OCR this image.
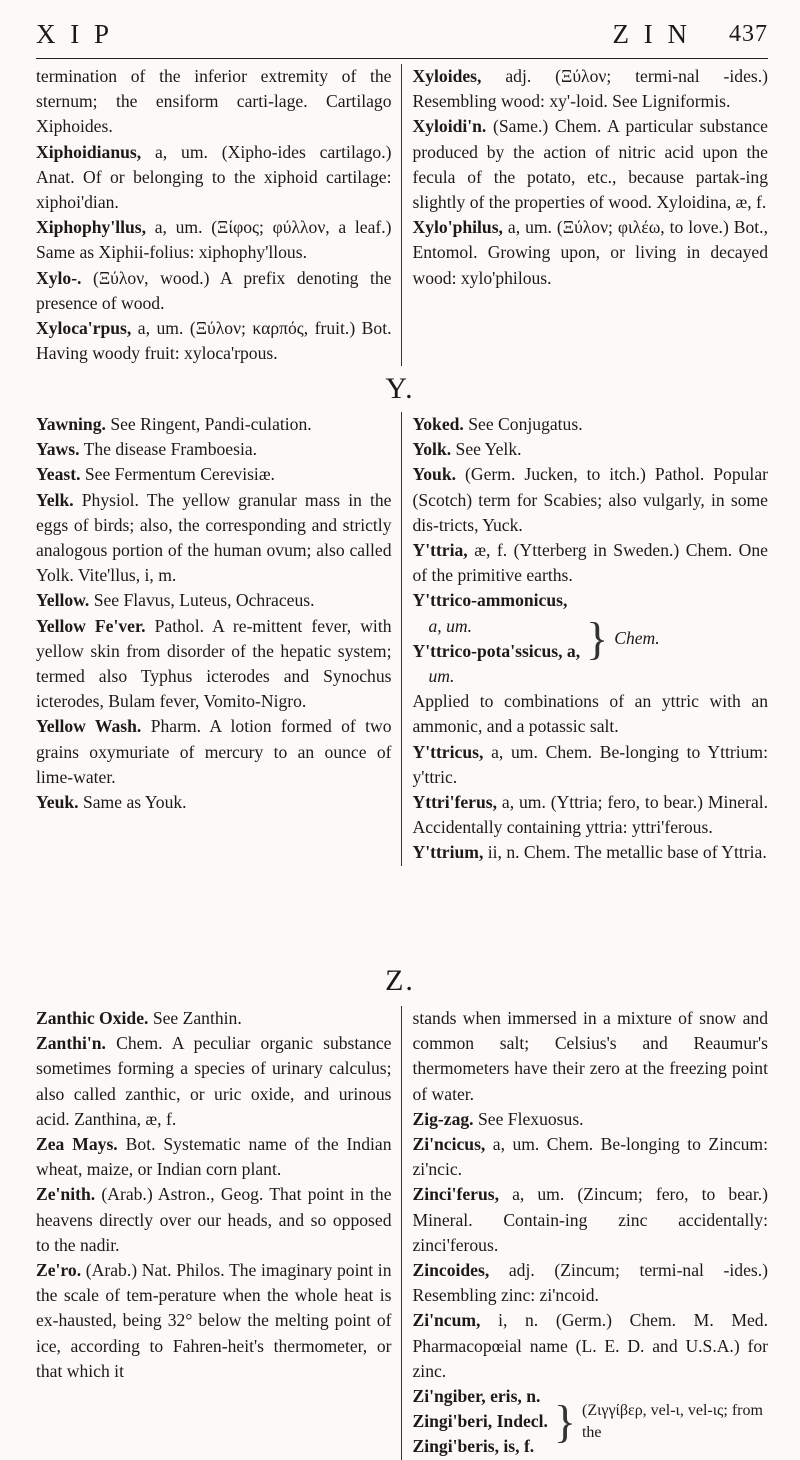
X I P	Z I N 437
termination of the inferior extremity of the sternum; the ensiform carti-lage. Cartilago Xiphoides.
Xiphoidianus, a, um. (Xipho-ides cartilago.) Anat. Of or belonging to the xiphoid cartilage: xiphoi'dian.
Xiphophy'llus, a, um. (Ξίφος; φύλλον, a leaf.) Same as Xiphii-folius: xiphophy'llous.
Xylo-. (Ξύλον, wood.) A prefix denoting the presence of wood.
Xyloca'rpus, a, um. (Ξύλον; καρπός, fruit.) Bot. Having woody fruit: xyloca'rpous.
Xyloides, adj. (Ξύλον; termi-nal -ides.) Resembling wood: xy'-loid. See Ligniformis.
Xyloidi'n. (Same.) Chem. A particular substance produced by the action of nitric acid upon the fecula of the potato, etc., because partak-ing slightly of the properties of wood. Xyloidina, æ, f.
Xylo'philus, a, um. (Ξύλον; φιλέω, to love.) Bot., Entomol. Growing upon, or living in decayed wood: xylo'philous.
Y.
Yawning. See Ringent, Pandi-culation.
Yaws. The disease Framboesia.
Yeast. See Fermentum Cerevisiæ.
Yelk. Physiol. The yellow granular mass in the eggs of birds; also, the corresponding and strictly analogous portion of the human ovum; also called Yolk. Vite'llus, i, m.
Yellow. See Flavus, Luteus, Ochraceus.
Yellow Fe'ver. Pathol. A re-mittent fever, with yellow skin from disorder of the hepatic system; termed also Typhus icterodes and Synochus icterodes, Bulam fever, Vomito-Nigro.
Yellow Wash. Pharm. A lotion formed of two grains oxymuriate of mercury to an ounce of lime-water.
Yeuk. Same as Youk.
Yoked. See Conjugatus.
Yolk. See Yelk.
Youk. (Germ. Jucken, to itch.) Pathol. Popular (Scotch) term for Scabies; also vulgarly, in some dis-tricts, Yuck.
Y'ttria, æ, f. (Ytterberg in Sweden.) Chem. One of the primitive earths.
Y'ttrico-ammonicus,
a, um.
Y'ttrico-pota'ssicus, a,
um.
} Chem.
Applied to combinations of an yttric with an ammonic, and a potassic salt.
Y'ttricus, a, um. Chem. Be-longing to Yttrium: y'ttric.
Yttri'ferus, a, um. (Yttria; fero, to bear.) Mineral. Accidentally containing yttria: yttri'ferous.
Y'ttrium, ii, n. Chem. The metallic base of Yttria.
Z.
Zanthic Oxide. See Zanthin.
Zanthi'n. Chem. A peculiar organic substance sometimes forming a species of urinary calculus; also called zanthic, or uric oxide, and urinous acid. Zanthina, æ, f.
Zea Mays. Bot. Systematic name of the Indian wheat, maize, or Indian corn plant.
Ze'nith. (Arab.) Astron., Geog. That point in the heavens directly over our heads, and so opposed to the nadir.
Ze'ro. (Arab.) Nat. Philos. The imaginary point in the scale of tem-perature when the whole heat is ex-hausted, being 32° below the melting point of ice, according to Fahren-heit's thermometer, or that which it
stands when immersed in a mixture of snow and common salt; Celsius's and Reaumur's thermometers have their zero at the freezing point of water.
Zig-zag. See Flexuosus.
Zi'ncicus, a, um. Chem. Be-longing to Zincum: zi'ncic.
Zinci'ferus, a, um. (Zincum; fero, to bear.) Mineral. Contain-ing zinc accidentally: zinci'ferous.
Zincoides, adj. (Zincum; termi-nal -ides.) Resembling zinc: zi'ncoid.
Zi'ncum, i, n. (Germ.) Chem. M. Med. Pharmacopœial name (L. E. D. and U.S.A.) for zinc.
Zi'ngiber, eris, n.
Zingi'beri, Indecl.
Zingi'beris, is, f. } (Ζιγγίβερ, vel-ι, vel-ις; from the
